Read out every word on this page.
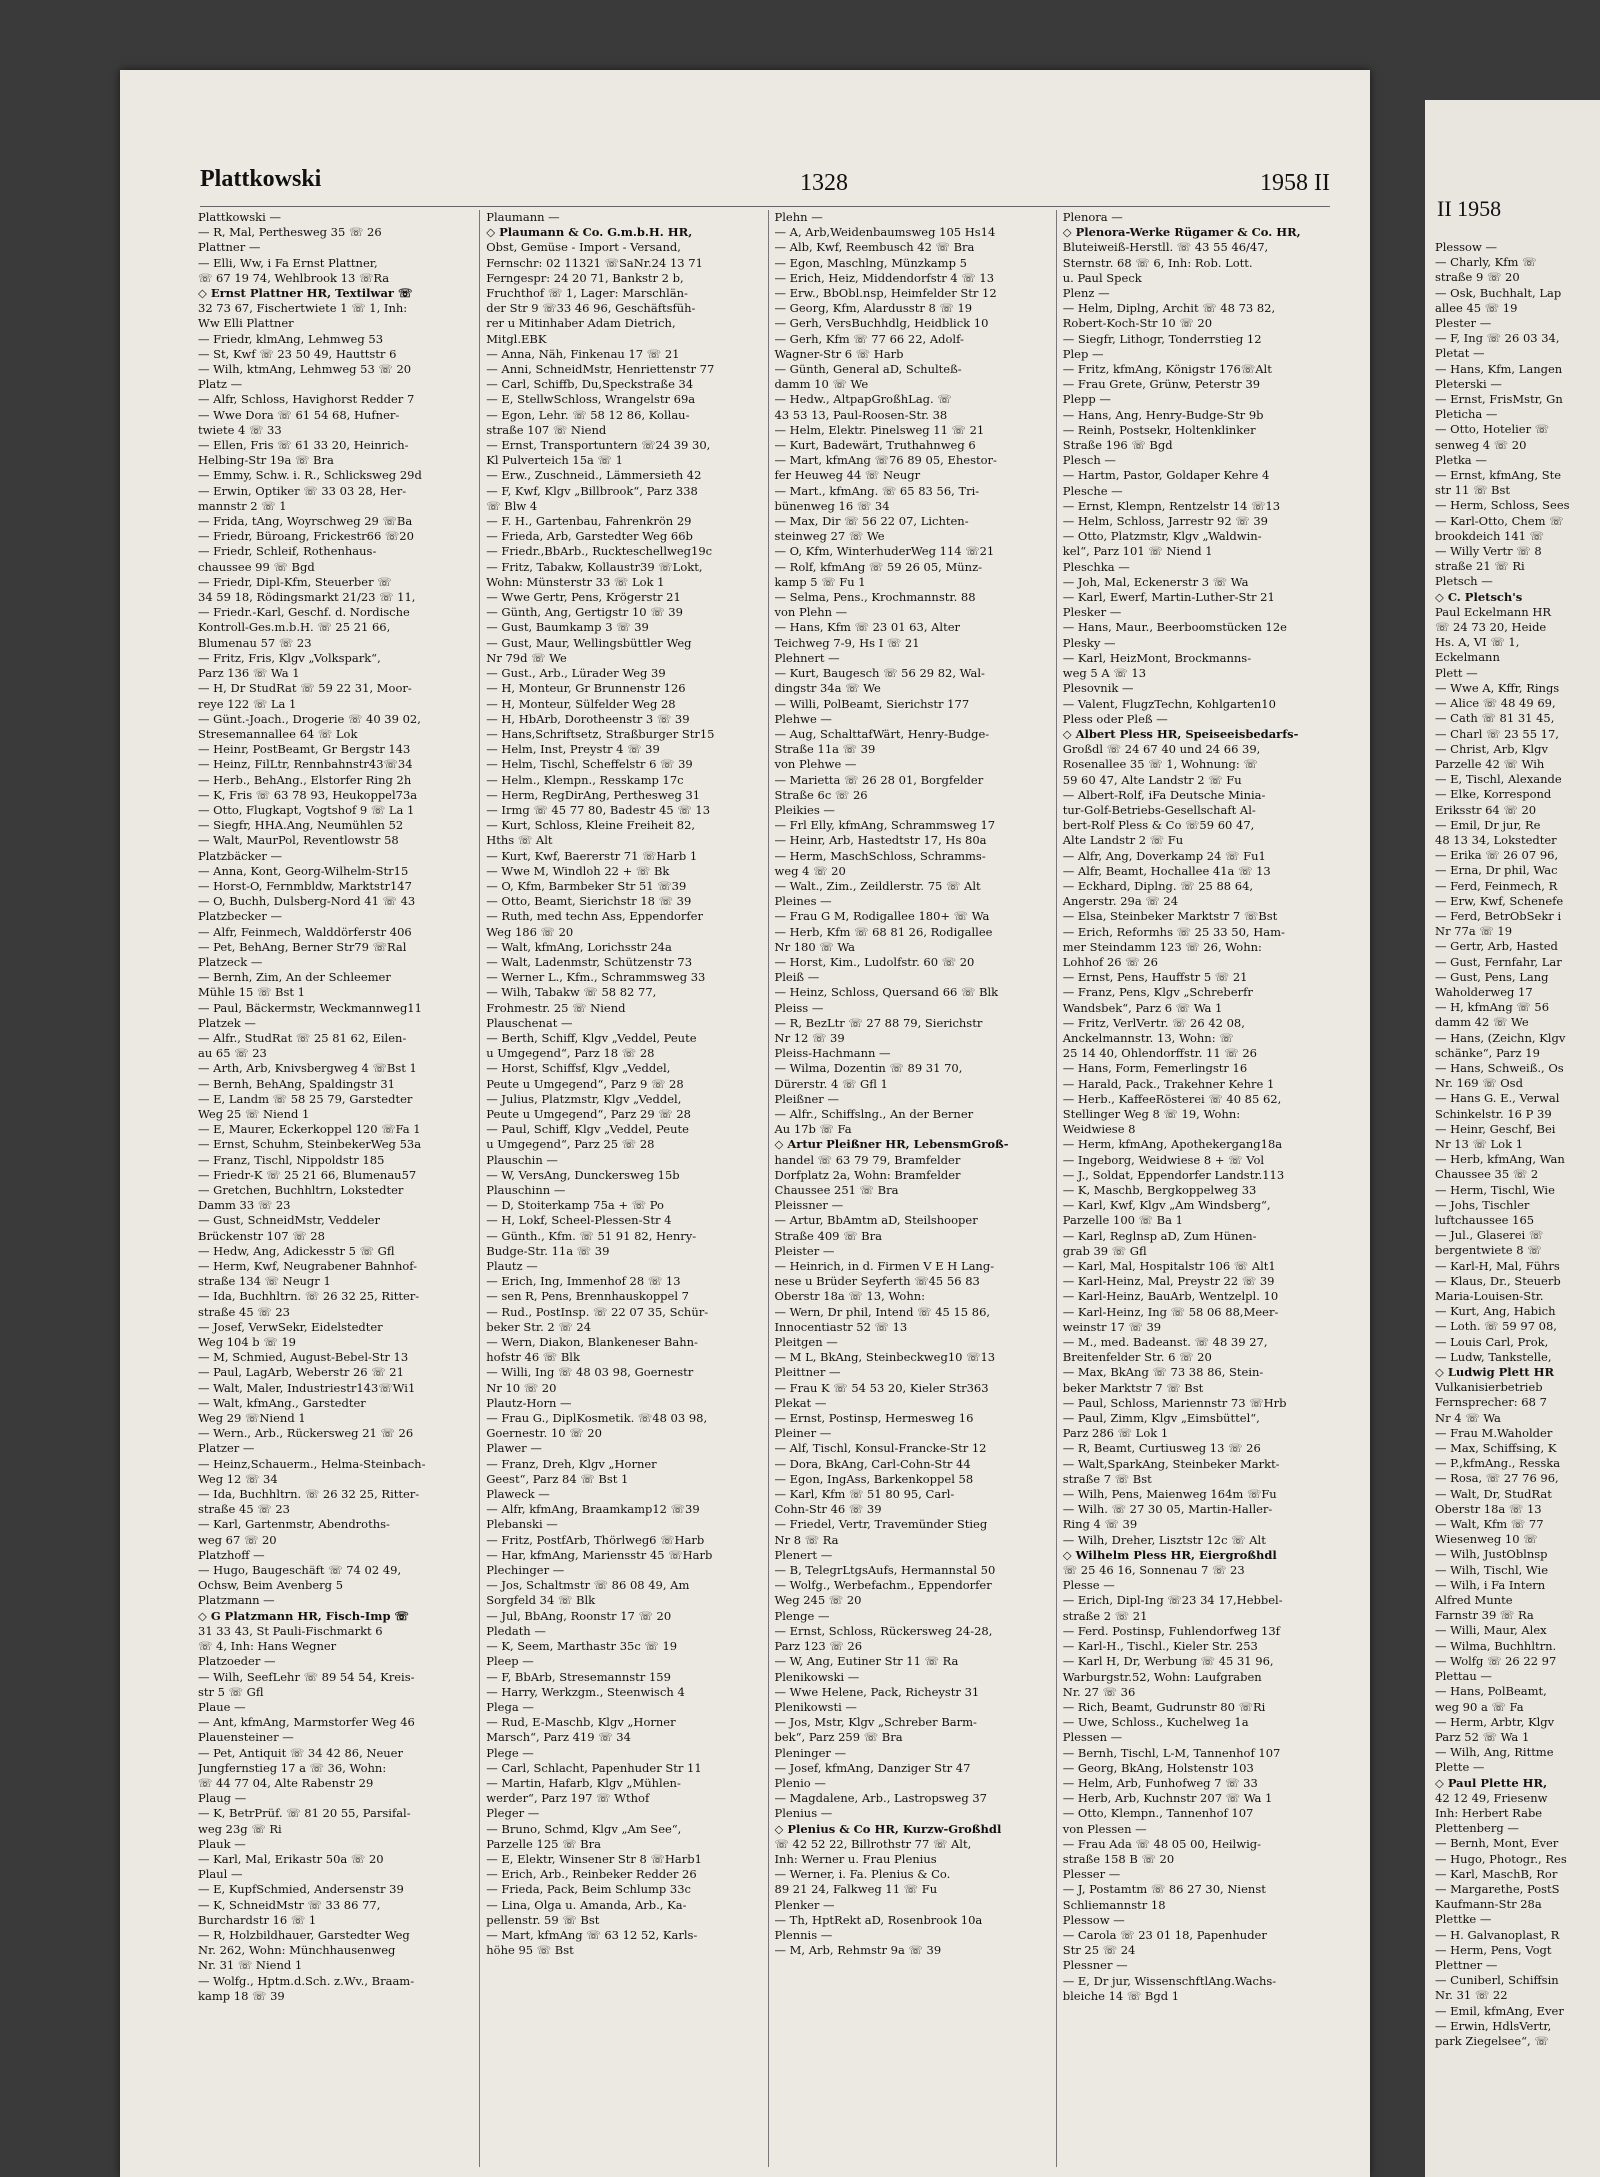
Plattkowski	1328	1958 II
Plattkowski —
— R, Mal, Perthesweg 35 ☏ 26
Plattner —
— Elli, Ww, i Fa Ernst Plattner,
☏ 67 19 74, Wehlbrook 13 ☏Ra
◇ Ernst Plattner HR, Textilwar ☏
32 73 67, Fischertwiete 1 ☏ 1, Inh:
Ww Elli Plattner
— Friedr, klmAng, Lehmweg 53
— St, Kwf ☏ 23 50 49, Hauttstr 6
— Wilh, ktmAng, Lehmweg 53 ☏ 20
Platz —
— Alfr, Schloss, Havighorst Redder 7
— Wwe Dora ☏ 61 54 68, Hufner-
twiete 4 ☏ 33
— Ellen, Fris ☏ 61 33 20, Heinrich-
Helbing-Str 19a ☏ Bra
— Emmy, Schw. i. R., Schlicksweg 29d
— Erwin, Optiker ☏ 33 03 28, Her-
mannstr 2 ☏ 1
— Frida, tAng, Woyrschweg 29 ☏Ba
— Friedr, Büroang, Frickestr66 ☏20
— Friedr, Schleif, Rothenhaus-
chaussee 99 ☏ Bgd
— Friedr, Dipl-Kfm, Steuerber ☏
34 59 18, Rödingsmarkt 21/23 ☏ 11,
— Friedr.-Karl, Geschf. d. Nordische
Kontroll-Ges.m.b.H. ☏ 25 21 66,
Blumenau 57 ☏ 23
— Fritz, Fris, Klgv „Volkspark“,
Parz 136 ☏ Wa 1
— H, Dr StudRat ☏ 59 22 31, Moor-
reye 122 ☏ La 1
— Günt.-Joach., Drogerie ☏ 40 39 02,
Stresemannallee 64 ☏ Lok
— Heinr, PostBeamt, Gr Bergstr 143
— Heinz, FilLtr, Rennbahnstr43☏34
— Herb., BehAng., Elstorfer Ring 2h
— K, Fris ☏ 63 78 93, Heukoppel73a
— Otto, Flugkapt, Vogtshof 9 ☏ La 1
— Siegfr, HHA.Ang, Neumühlen 52
— Walt, MaurPol, Reventlowstr 58
Platzbäcker —
— Anna, Kont, Georg-Wilhelm-Str15
— Horst-O, Fernmbldw, Marktstr147
— O, Buchh, Dulsberg-Nord 41 ☏ 43
Platzbecker —
— Alfr, Feinmech, Walddörferstr 406
— Pet, BehAng, Berner Str79 ☏Ral
Platzeck —
— Bernh, Zim, An der Schleemer
Mühle 15 ☏ Bst 1
— Paul, Bäckermstr, Weckmannweg11
Platzek —
— Alfr., StudRat ☏ 25 81 62, Eilen-
au 65 ☏ 23
— Arth, Arb, Knivsbergweg 4 ☏Bst 1
— Bernh, BehAng, Spaldingstr 31
— E, Landm ☏ 58 25 79, Garstedter
Weg 25 ☏ Niend 1
— E, Maurer, Eckerkoppel 120 ☏Fa 1
— Ernst, Schuhm, SteinbekerWeg 53a
— Franz, Tischl, Nippoldstr 185
— Friedr-K ☏ 25 21 66, Blumenau57
— Gretchen, Buchhltrn, Lokstedter
Damm 33 ☏ 23
— Gust, SchneidMstr, Veddeler
Brückenstr 107 ☏ 28
— Hedw, Ang, Adickesstr 5 ☏ Gfl
— Herm, Kwf, Neugrabener Bahnhof-
straße 134 ☏ Neugr 1
— Ida, Buchhltrn. ☏ 26 32 25, Ritter-
straße 45 ☏ 23
— Josef, VerwSekr, Eidelstedter
Weg 104 b ☏ 19
— M, Schmied, August-Bebel-Str 13
— Paul, LagArb, Weberstr 26 ☏ 21
— Walt, Maler, Industriestr143☏Wi1
— Walt, kfmAng., Garstedter
Weg 29 ☏Niend 1
— Wern., Arb., Rückersweg 21 ☏ 26
Platzer —
— Heinz,Schauerm., Helma-Steinbach-
Weg 12 ☏ 34
— Ida, Buchhltrn. ☏ 26 32 25, Ritter-
straße 45 ☏ 23
— Karl, Gartenmstr, Abendroths-
weg 67 ☏ 20
Platzhoff —
— Hugo, Baugeschäft ☏ 74 02 49,
Ochsw, Beim Avenberg 5
Platzmann —
◇ G Platzmann HR, Fisch-Imp ☏
31 33 43, St Pauli-Fischmarkt 6
☏ 4, Inh: Hans Wegner
Platzoeder —
— Wilh, SeefLehr ☏ 89 54 54, Kreis-
str 5 ☏ Gfl
Plaue —
— Ant, kfmAng, Marmstorfer Weg 46
Plauensteiner —
— Pet, Antiquit ☏ 34 42 86, Neuer
Jungfernstieg 17 a ☏ 36, Wohn:
☏ 44 77 04, Alte Rabenstr 29
Plaug —
— K, BetrPrüf. ☏ 81 20 55, Parsifal-
weg 23g ☏ Ri
Plauk —
— Karl, Mal, Erikastr 50a ☏ 20
Plaul —
— E, KupfSchmied, Andersenstr 39
— K, SchneidMstr ☏ 33 86 77,
Burchardstr 16 ☏ 1
— R, Holzbildhauer, Garstedter Weg
Nr. 262, Wohn: Münchhausenweg
Nr. 31 ☏ Niend 1
— Wolfg., Hptm.d.Sch. z.Wv., Braam-
kamp 18 ☏ 39
Plaumann —
◇ Plaumann & Co. G.m.b.H. HR,
Obst, Gemüse - Import - Versand,
Fernschr: 02 11321 ☏SaNr.24 13 71
Ferngespr: 24 20 71, Bankstr 2 b,
Fruchthof ☏ 1, Lager: Marschlän-
der Str 9 ☏33 46 96, Geschäftsfüh-
rer u Mitinhaber Adam Dietrich,
Mitgl.EBK
— Anna, Näh, Finkenau 17 ☏ 21
— Anni, SchneidMstr, Henriettenstr 77
— Carl, Schiffb, Du,Speckstraße 34
— E, StellwSchloss, Wrangelstr 69a
— Egon, Lehr. ☏ 58 12 86, Kollau-
straße 107 ☏ Niend
— Ernst, Transportuntern ☏24 39 30,
Kl Pulverteich 15a ☏ 1
— Erw., Zuschneid., Lämmersieth 42
— F, Kwf, Klgv „Billbrook“, Parz 338
☏ Blw 4
— F. H., Gartenbau, Fahrenkrön 29
— Frieda, Arb, Garstedter Weg 66b
— Friedr.,BbArb., Ruckteschellweg19c
— Fritz, Tabakw, Kollaustr39 ☏Lokt,
Wohn: Münsterstr 33 ☏ Lok 1
— Wwe Gertr, Pens, Krögerstr 21
— Günth, Ang, Gertigstr 10 ☏ 39
— Gust, Baumkamp 3 ☏ 39
— Gust, Maur, Wellingsbüttler Weg
Nr 79d ☏ We
— Gust., Arb., Lürader Weg 39
— H, Monteur, Gr Brunnenstr 126
— H, Monteur, Sülfelder Weg 28
— H, HbArb, Dorotheenstr 3 ☏ 39
— Hans,Schriftsetz, Straßburger Str15
— Helm, Inst, Preystr 4 ☏ 39
— Helm, Tischl, Scheffelstr 6 ☏ 39
— Helm., Klempn., Resskamp 17c
— Herm, RegDirAng, Perthesweg 31
— Irmg ☏ 45 77 80, Badestr 45 ☏ 13
— Kurt, Schloss, Kleine Freiheit 82,
Hths ☏ Alt
— Kurt, Kwf, Baererstr 71 ☏Harb 1
— Wwe M, Windloh 22 + ☏ Bk
— O, Kfm, Barmbeker Str 51 ☏39
— Otto, Beamt, Sierichstr 18 ☏ 39
— Ruth, med techn Ass, Eppendorfer
Weg 186 ☏ 20
— Walt, kfmAng, Lorichsstr 24a
— Walt, Ladenmstr, Schützenstr 73
— Werner L., Kfm., Schrammsweg 33
— Wilh, Tabakw ☏ 58 82 77,
Frohmestr. 25 ☏ Niend
Plauschenat —
— Berth, Schiff, Klgv „Veddel, Peute
u Umgegend“, Parz 18 ☏ 28
— Horst, Schiffsf, Klgv „Veddel,
Peute u Umgegend“, Parz 9 ☏ 28
— Julius, Platzmstr, Klgv „Veddel,
Peute u Umgegend“, Parz 29 ☏ 28
— Paul, Schiff, Klgv „Veddel, Peute
u Umgegend“, Parz 25 ☏ 28
Plauschin —
— W, VersAng, Dunckersweg 15b
Plauschinn —
— D, Stoiterkamp 75a + ☏ Po
— H, Lokf, Scheel-Plessen-Str 4
— Günth., Kfm. ☏ 51 91 82, Henry-
Budge-Str. 11a ☏ 39
Plautz —
— Erich, Ing, Immenhof 28 ☏ 13
— sen R, Pens, Brennhauskoppel 7
— Rud., PostInsp. ☏ 22 07 35, Schür-
beker Str. 2 ☏ 24
— Wern, Diakon, Blankeneser Bahn-
hofstr 46 ☏ Blk
— Willi, Ing ☏ 48 03 98, Goernestr
Nr 10 ☏ 20
Plautz-Horn —
— Frau G., DiplKosmetik. ☏48 03 98,
Goernestr. 10 ☏ 20
Plawer —
— Franz, Dreh, Klgv „Horner
Geest“, Parz 84 ☏ Bst 1
Plaweck —
— Alfr, kfmAng, Braamkamp12 ☏39
Plebanski —
— Fritz, PostfArb, Thörlweg6 ☏Harb
— Har, kfmAng, Mariensstr 45 ☏Harb
Plechinger —
— Jos, Schaltmstr ☏ 86 08 49, Am
Sorgfeld 34 ☏ Blk
— Jul, BbAng, Roonstr 17 ☏ 20
Pledath —
— K, Seem, Marthastr 35c ☏ 19
Pleep —
— F, BbArb, Stresemannstr 159
— Harry, Werkzgm., Steenwisch 4
Plega —
— Rud, E-Maschb, Klgv „Horner
Marsch“, Parz 419 ☏ 34
Plege —
— Carl, Schlacht, Papenhuder Str 11
— Martin, Hafarb, Klgv „Mühlen-
werder“, Parz 197 ☏ Wthof
Pleger —
— Bruno, Schmd, Klgv „Am See“,
Parzelle 125 ☏ Bra
— E, Elektr, Winsener Str 8 ☏Harb1
— Erich, Arb., Reinbeker Redder 26
— Frieda, Pack, Beim Schlump 33c
— Lina, Olga u. Amanda, Arb., Ka-
pellenstr. 59 ☏ Bst
— Mart, kfmAng ☏ 63 12 52, Karls-
höhe 95 ☏ Bst
Plehn —
— A, Arb,Weidenbaumsweg 105 Hs14
— Alb, Kwf, Reembusch 42 ☏ Bra
— Egon, Maschlng, Münzkamp 5
— Erich, Heiz, Middendorfstr 4 ☏ 13
— Erw., BbObl.nsp, Heimfelder Str 12
— Georg, Kfm, Alardusstr 8 ☏ 19
— Gerh, VersBuchhdlg, Heidblick 10
— Gerh, Kfm ☏ 77 66 22, Adolf-
Wagner-Str 6 ☏ Harb
— Günth, General aD, Schulteß-
damm 10 ☏ We
— Hedw., AltpapGroßhLag. ☏
43 53 13, Paul-Roosen-Str. 38
— Helm, Elektr. Pinelsweg 11 ☏ 21
— Kurt, Badewärt, Truthahnweg 6
— Mart, kfmAng ☏76 89 05, Ehestor-
fer Heuweg 44 ☏ Neugr
— Mart., kfmAng. ☏ 65 83 56, Tri-
bünenweg 16 ☏ 34
— Max, Dir ☏ 56 22 07, Lichten-
steinweg 27 ☏ We
— O, Kfm, WinterhuderWeg 114 ☏21
— Rolf, kfmAng ☏ 59 26 05, Münz-
kamp 5 ☏ Fu 1
— Selma, Pens., Krochmannstr. 88
von Plehn —
— Hans, Kfm ☏ 23 01 63, Alter
Teichweg 7-9, Hs I ☏ 21
Plehnert —
— Kurt, Baugesch ☏ 56 29 82, Wal-
dingstr 34a ☏ We
— Willi, PolBeamt, Sierichstr 177
Plehwe —
— Aug, SchalttafWärt, Henry-Budge-
Straße 11a ☏ 39
von Plehwe —
— Marietta ☏ 26 28 01, Borgfelder
Straße 6c ☏ 26
Pleikies —
— Frl Elly, kfmAng, Schrammsweg 17
— Heinr, Arb, Hastedtstr 17, Hs 80a
— Herm, MaschSchloss, Schramms-
weg 4 ☏ 20
— Walt., Zim., Zeildlerstr. 75 ☏ Alt
Pleines —
— Frau G M, Rodigallee 180+ ☏ Wa
— Herb, Kfm ☏ 68 81 26, Rodigallee
Nr 180 ☏ Wa
— Horst, Kim., Ludolfstr. 60 ☏ 20
Pleiß —
— Heinz, Schloss, Quersand 66 ☏ Blk
Pleiss —
— R, BezLtr ☏ 27 88 79, Sierichstr
Nr 12 ☏ 39
Pleiss-Hachmann —
— Wilma, Dozentin ☏ 89 31 70,
Dürerstr. 4 ☏ Gfl 1
Pleißner —
— Alfr., Schiffslng., An der Berner
Au 17b ☏ Fa
◇ Artur Pleißner HR, LebensmGroß-
handel ☏ 63 79 79, Bramfelder
Dorfplatz 2a, Wohn: Bramfelder
Chaussee 251 ☏ Bra
Pleissner —
— Artur, BbAmtm aD, Steilshooper
Straße 409 ☏ Bra
Pleister —
— Heinrich, in d. Firmen V E H Lang-
nese u Brüder Seyferth ☏45 56 83
Oberstr 18a ☏ 13, Wohn:
— Wern, Dr phil, Intend ☏ 45 15 86,
Innocentiastr 52 ☏ 13
Pleitgen —
— M L, BkAng, Steinbeckweg10 ☏13
Pleittner —
— Frau K ☏ 54 53 20, Kieler Str363
Plekat —
— Ernst, Postinsp, Hermesweg 16
Pleiner —
— Alf, Tischl, Konsul-Francke-Str 12
— Dora, BkAng, Carl-Cohn-Str 44
— Egon, IngAss, Barkenkoppel 58
— Karl, Kfm ☏ 51 80 95, Carl-
Cohn-Str 46 ☏ 39
— Friedel, Vertr, Travemünder Stieg
Nr 8 ☏ Ra
Plenert —
— B, TelegrLtgsAufs, Hermannstal 50
— Wolfg., Werbefachm., Eppendorfer
Weg 245 ☏ 20
Plenge —
— Ernst, Schloss, Rückersweg 24-28,
Parz 123 ☏ 26
— W, Ang, Eutiner Str 11 ☏ Ra
Plenikowski —
— Wwe Helene, Pack, Richeystr 31
Plenikowsti —
— Jos, Mstr, Klgv „Schreber Barm-
bek“, Parz 259 ☏ Bra
Pleninger —
— Josef, kfmAng, Danziger Str 47
Plenio —
— Magdalene, Arb., Lastropsweg 37
Plenius —
◇ Plenius & Co HR, Kurzw-Großhdl
☏ 42 52 22, Billrothstr 77 ☏ Alt,
Inh: Werner u. Frau Plenius
— Werner, i. Fa. Plenius & Co.
89 21 24, Falkweg 11 ☏ Fu
Plenker —
— Th, HptRekt aD, Rosenbrook 10a
Plennis —
— M, Arb, Rehmstr 9a ☏ 39
Plenora —
◇ Plenora-Werke Rügamer & Co. HR,
Bluteiweiß-Herstll. ☏ 43 55 46/47,
Sternstr. 68 ☏ 6, Inh: Rob. Lott.
u. Paul Speck
Plenz —
— Helm, Diplng, Archit ☏ 48 73 82,
Robert-Koch-Str 10 ☏ 20
— Siegfr, Lithogr, Tonderrstieg 12
Plep —
— Fritz, kfmAng, Königstr 176☏Alt
— Frau Grete, Grünw, Peterstr 39
Plepp —
— Hans, Ang, Henry-Budge-Str 9b
— Reinh, Postsekr, Holtenklinker
Straße 196 ☏ Bgd
Plesch —
— Hartm, Pastor, Goldaper Kehre 4
Plesche —
— Ernst, Klempn, Rentzelstr 14 ☏13
— Helm, Schloss, Jarrestr 92 ☏ 39
— Otto, Platzmstr, Klgv „Waldwin-
kel“, Parz 101 ☏ Niend 1
Pleschka —
— Joh, Mal, Eckenerstr 3 ☏ Wa
— Karl, Ewerf, Martin-Luther-Str 21
Plesker —
— Hans, Maur., Beerboomstücken 12e
Plesky —
— Karl, HeizMont, Brockmanns-
weg 5 A ☏ 13
Plesovnik —
— Valent, FlugzTechn, Kohlgarten10
Pless oder Pleß —
◇ Albert Pless HR, Speiseeisbedarfs-
Großdl ☏ 24 67 40 und 24 66 39,
Rosenallee 35 ☏ 1, Wohnung: ☏
59 60 47, Alte Landstr 2 ☏ Fu
— Albert-Rolf, iFa Deutsche Minia-
tur-Golf-Betriebs-Gesellschaft Al-
bert-Rolf Pless & Co ☏59 60 47,
Alte Landstr 2 ☏ Fu
— Alfr, Ang, Doverkamp 24 ☏ Fu1
— Alfr, Beamt, Hochallee 41a ☏ 13
— Eckhard, Diplng. ☏ 25 88 64,
Angerstr. 29a ☏ 24
— Elsa, Steinbeker Marktstr 7 ☏Bst
— Erich, Reformhs ☏ 25 33 50, Ham-
mer Steindamm 123 ☏ 26, Wohn:
Lohhof 26 ☏ 26
— Ernst, Pens, Hauffstr 5 ☏ 21
— Franz, Pens, Klgv „Schreberfr
Wandsbek“, Parz 6 ☏ Wa 1
— Fritz, VerlVertr. ☏ 26 42 08,
Anckelmannstr. 13, Wohn: ☏
25 14 40, Ohlendorffstr. 11 ☏ 26
— Hans, Form, Femerlingstr 16
— Harald, Pack., Trakehner Kehre 1
— Herb., KaffeeRösterei ☏ 40 85 62,
Stellinger Weg 8 ☏ 19, Wohn:
Weidwiese 8
— Herm, kfmAng, Apothekergang18a
— Ingeborg, Weidwiese 8 + ☏ Vol
— J., Soldat, Eppendorfer Landstr.113
— K, Maschb, Bergkoppelweg 33
— Karl, Kwf, Klgv „Am Windsberg“,
Parzelle 100 ☏ Ba 1
— Karl, Reglnsp aD, Zum Hünen-
grab 39 ☏ Gfl
— Karl, Mal, Hospitalstr 106 ☏ Alt1
— Karl-Heinz, Mal, Preystr 22 ☏ 39
— Karl-Heinz, BauArb, Wentzelpl. 10
— Karl-Heinz, Ing ☏ 58 06 88,Meer-
weinstr 17 ☏ 39
— M., med. Badeanst. ☏ 48 39 27,
Breitenfelder Str. 6 ☏ 20
— Max, BkAng ☏ 73 38 86, Stein-
beker Marktstr 7 ☏ Bst
— Paul, Schloss, Mariennstr 73 ☏Hrb
— Paul, Zimm, Klgv „Eimsbüttel“,
Parz 286 ☏ Lok 1
— R, Beamt, Curtiusweg 13 ☏ 26
— Walt,SparkAng, Steinbeker Markt-
straße 7 ☏ Bst
— Wilh, Pens, Maienweg 164m ☏Fu
— Wilh. ☏ 27 30 05, Martin-Haller-
Ring 4 ☏ 39
— Wilh, Dreher, Lisztstr 12c ☏ Alt
◇ Wilhelm Pless HR, Eiergroßhdl
☏ 25 46 16, Sonnenau 7 ☏ 23
Plesse —
— Erich, Dipl-Ing ☏23 34 17,Hebbel-
straße 2 ☏ 21
— Ferd. Postinsp, Fuhlendorfweg 13f
— Karl-H., Tischl., Kieler Str. 253
— Karl H, Dr, Werbung ☏ 45 31 96,
Warburgstr.52, Wohn: Laufgraben
Nr. 27 ☏ 36
— Rich, Beamt, Gudrunstr 80 ☏Ri
— Uwe, Schloss., Kuchelweg 1a
Plessen —
— Bernh, Tischl, L-M, Tannenhof 107
— Georg, BkAng, Holstenstr 103
— Helm, Arb, Funhofweg 7 ☏ 33
— Herb, Arb, Kuchnstr 207 ☏ Wa 1
— Otto, Klempn., Tannenhof 107
von Plessen —
— Frau Ada ☏ 48 05 00, Heilwig-
straße 158 B ☏ 20
Plesser —
— J, Postamtm ☏ 86 27 30, Nienst
Schliemannstr 18
Plessow —
— Carola ☏ 23 01 18, Papenhuder
Str 25 ☏ 24
Plessner —
— E, Dr jur, WissenschftlAng.Wachs-
bleiche 14 ☏ Bgd 1
II 1958
Plessow —
— Charly, Kfm ☏
straße 9 ☏ 20
— Osk, Buchhalt, Lap
allee 45 ☏ 19
Plester —
— F, Ing ☏ 26 03 34,
Pletat —
— Hans, Kfm, Langen
Pleterski —
— Ernst, FrisMstr, Gn
Pleticha —
— Otto, Hotelier ☏
senweg 4 ☏ 20
Pletka —
— Ernst, kfmAng, Ste
str 11 ☏ Bst
— Herm, Schloss, Sees
— Karl-Otto, Chem ☏
brookdeich 141 ☏
— Willy Vertr ☏ 8
straße 21 ☏ Ri
Pletsch —
◇ C. Pletsch's
Paul Eckelmann HR
☏ 24 73 20, Heide
Hs. A, VI ☏ 1,
Eckelmann
Plett —
— Wwe A, Kffr, Rings
— Alice ☏ 48 49 69,
— Cath ☏ 81 31 45,
— Charl ☏ 23 55 17,
— Christ, Arb, Klgv
Parzelle 42 ☏ Wih
— E, Tischl, Alexande
— Elke, Korrespond
Eriksstr 64 ☏ 20
— Emil, Dr jur, Re
48 13 34, Lokstedter
— Erika ☏ 26 07 96,
— Erna, Dr phil, Wac
— Ferd, Feinmech, R
— Erw, Kwf, Schenefe
— Ferd, BetrObSekr i
Nr 77a ☏ 19
— Gertr, Arb, Hasted
— Gust, Fernfahr, Lar
— Gust, Pens, Lang
Waholderweg 17
— H, kfmAng ☏ 56
damm 42 ☏ We
— Hans, (Zeichn, Klgv
schänke“, Parz 19
— Hans, Schweiß., Os
Nr. 169 ☏ Osd
— Hans G. E., Verwal
Schinkelstr. 16 P 39
— Heinr, Geschf, Bei
Nr 13 ☏ Lok 1
— Herb, kfmAng, Wan
Chaussee 35 ☏ 2
— Herm, Tischl, Wie
— Johs, Tischler
luftchaussee 165
— Jul., Glaserei ☏
bergentwiete 8 ☏
— Karl-H, Mal, Führs
— Klaus, Dr., Steuerb
Maria-Louisen-Str.
— Kurt, Ang, Habich
— Loth. ☏ 59 97 08,
— Louis Carl, Prok,
— Ludw, Tankstelle,
◇ Ludwig Plett HR
Vulkanisierbetrieb
Fernsprecher: 68 7
Nr 4 ☏ Wa
— Frau M.Waholder
— Max, Schiffsing, K
— P.,kfmAng., Resska
— Rosa, ☏ 27 76 96,
— Walt, Dr, StudRat
Oberstr 18a ☏ 13
— Walt, Kfm ☏ 77
Wiesenweg 10 ☏
— Wilh, JustOblnsp
— Wilh, Tischl, Wie
— Wilh, i Fa Intern
Alfred Munte
Farnstr 39 ☏ Ra
— Willi, Maur, Alex
— Wilma, Buchhltrn.
— Wolfg ☏ 26 22 97
Plettau —
— Hans, PolBeamt,
weg 90 a ☏ Fa
— Herm, Arbtr, Klgv
Parz 52 ☏ Wa 1
— Wilh, Ang, Rittme
Plette —
◇ Paul Plette HR,
42 12 49, Friesenw
Inh: Herbert Rabe
Plettenberg —
— Bernh, Mont, Ever
— Hugo, Photogr., Res
— Karl, MaschB, Ror
— Margarethe, PostS
Kaufmann-Str 28a
Plettke —
— H. Galvanoplast, R
— Herm, Pens, Vogt
Plettner —
— Cuniberl, Schiffsin
Nr. 31 ☏ 22
— Emil, kfmAng, Ever
— Erwin, HdlsVertr,
park Ziegelsee“, ☏
